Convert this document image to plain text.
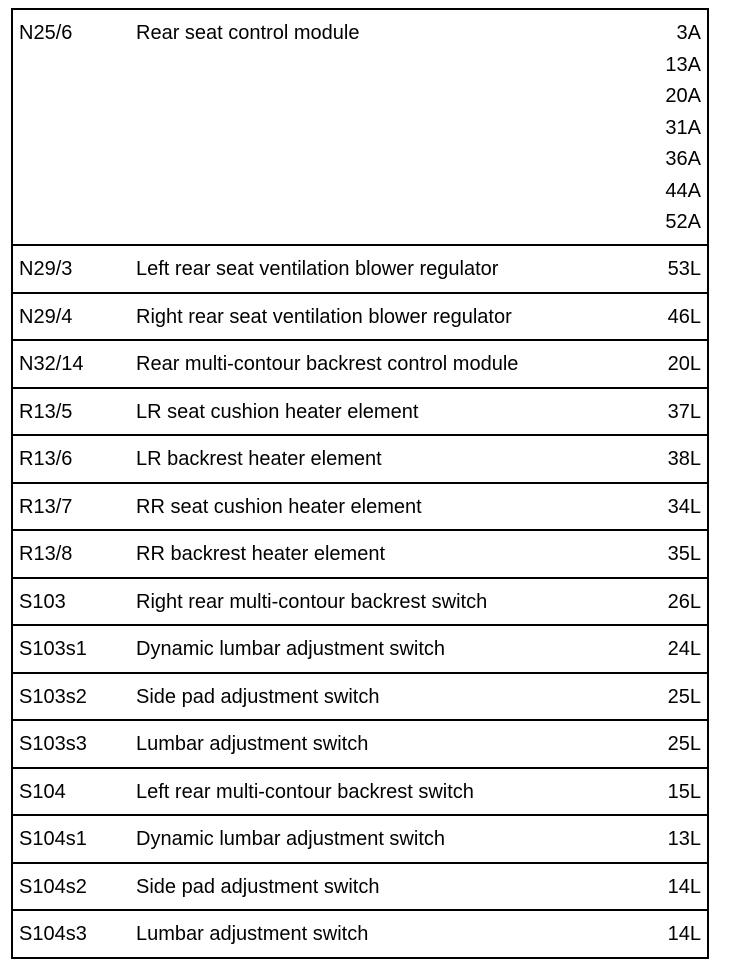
N25/6	Rear seat control module	3A
13A
20A
31A
36A
44A
52A
N29/3	Left rear seat ventilation blower regulator	53L
N29/4	Right rear seat ventilation blower regulator	46L
N32/14	Rear multi-contour backrest control module	20L
R13/5	LR seat cushion heater element	37L
R13/6	LR backrest heater element	38L
R13/7	RR seat cushion heater element	34L
R13/8	RR backrest heater element	35L
S103	Right rear multi-contour backrest switch	26L
S103s1 Dynamic lumbar adjustment switch	24L
S103s2 Side pad adjustment switch	25L
S103s3 Lumbar adjustment switch	25L
S104	Left rear multi-contour backrest switch	15L
S104s1 Dynamic lumbar adjustment switch	13L
S104s2 Side pad adjustment switch	14L
S104s3 Lumbar adjustment switch	14L
